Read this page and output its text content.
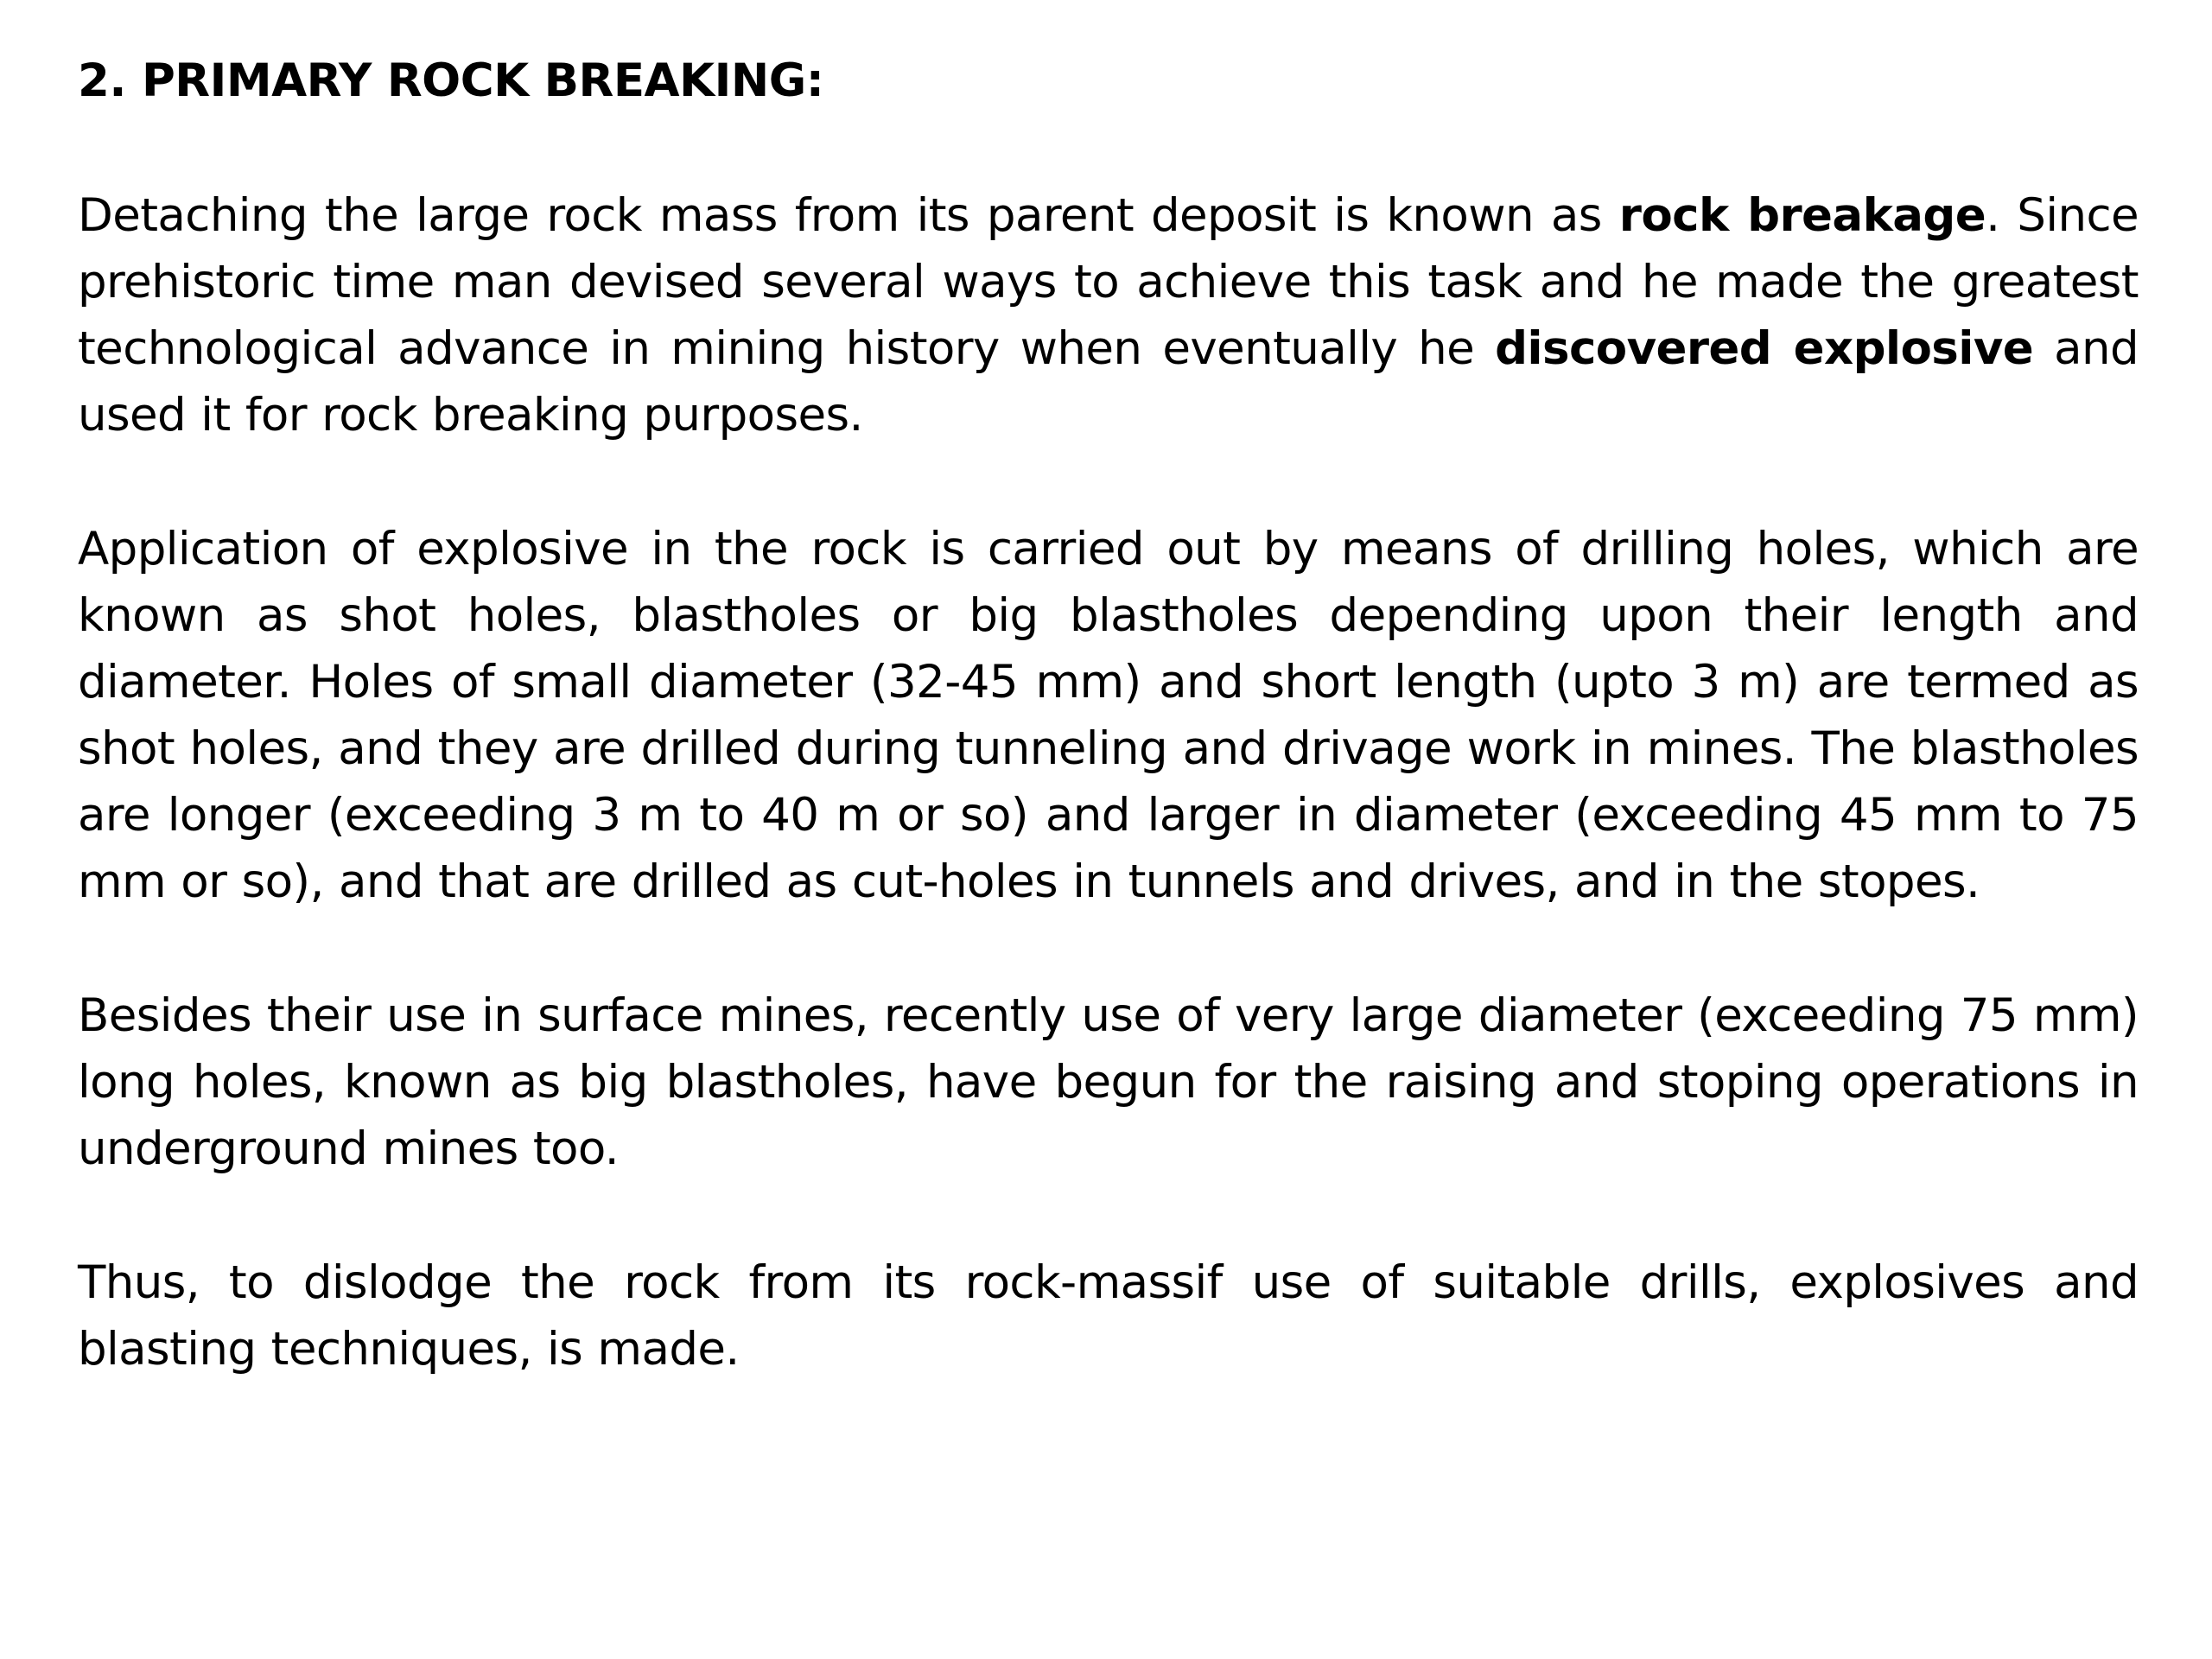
2. PRIMARY ROCK BREAKING:

Detaching the large rock mass from its parent deposit is known as rock breakage. Since prehistoric time man devised several ways to achieve this task and he made the greatest technological advance in mining history when eventually he discovered explosive and used it for rock breaking purposes.

Application of explosive in the rock is carried out by means of drilling holes, which are known as shot holes, blastholes or big blastholes depending upon their length and diameter. Holes of small diameter (32-45 mm) and short length (upto 3 m) are termed as shot holes, and they are drilled during tunneling and drivage work in mines. The blastholes are longer (exceeding 3 m to 40 m or so) and larger in diameter (exceeding 45 mm to 75 mm or so), and that are drilled as cut-holes in tunnels and drives, and in the stopes.

Besides their use in surface mines, recently use of very large diameter (exceeding 75 mm) long holes, known as big blastholes, have begun for the raising and stoping operations in underground mines too.

Thus, to dislodge the rock from its rock-massif use of suitable drills, explosives and blasting techniques, is made.
